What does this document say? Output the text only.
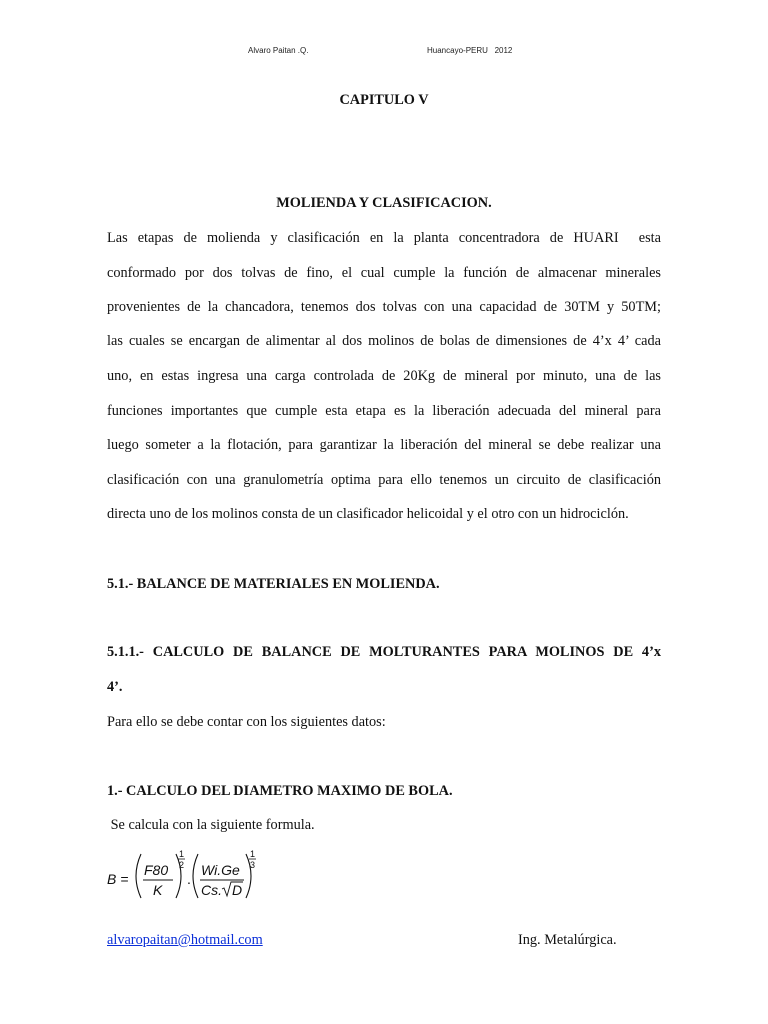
Alvaro Paitan .Q.	Huancayo-PERU   2012
CAPITULO V
MOLIENDA Y CLASIFICACION.
Las etapas de molienda y clasificación en la planta concentradora de HUARI  esta
conformado por dos tolvas de fino, el cual cumple la función de almacenar minerales
provenientes de la chancadora, tenemos dos tolvas con una capacidad de 30TM y 50TM;
las cuales se encargan de alimentar al dos molinos de bolas de dimensiones de 4’x 4’ cada
uno, en estas ingresa una carga controlada de 20Kg de mineral por minuto, una de las
funciones importantes que cumple esta etapa es la liberación adecuada del mineral para
luego someter a la flotación, para garantizar la liberación del mineral se debe realizar una
clasificación con una granulometría optima para ello tenemos un circuito de clasificación
directa uno de los molinos consta de un clasificador helicoidal y el otro con un hidrociclón.
5.1.- BALANCE DE MATERIALES EN MOLIENDA.
5.1.1.- CALCULO DE BALANCE DE MOLTURANTES PARA MOLINOS DE 4’x
4’.
Para ello se debe contar con los siguientes datos:
1.- CALCULO DEL DIAMETRO MAXIMO DE BOLA.
Se calcula con la siguiente formula.
B =
F80
K
1
2
.
Wi.Ge
Cs. D
1
3
alvaropaitan@hotmail.com	Ing. Metalúrgica.
